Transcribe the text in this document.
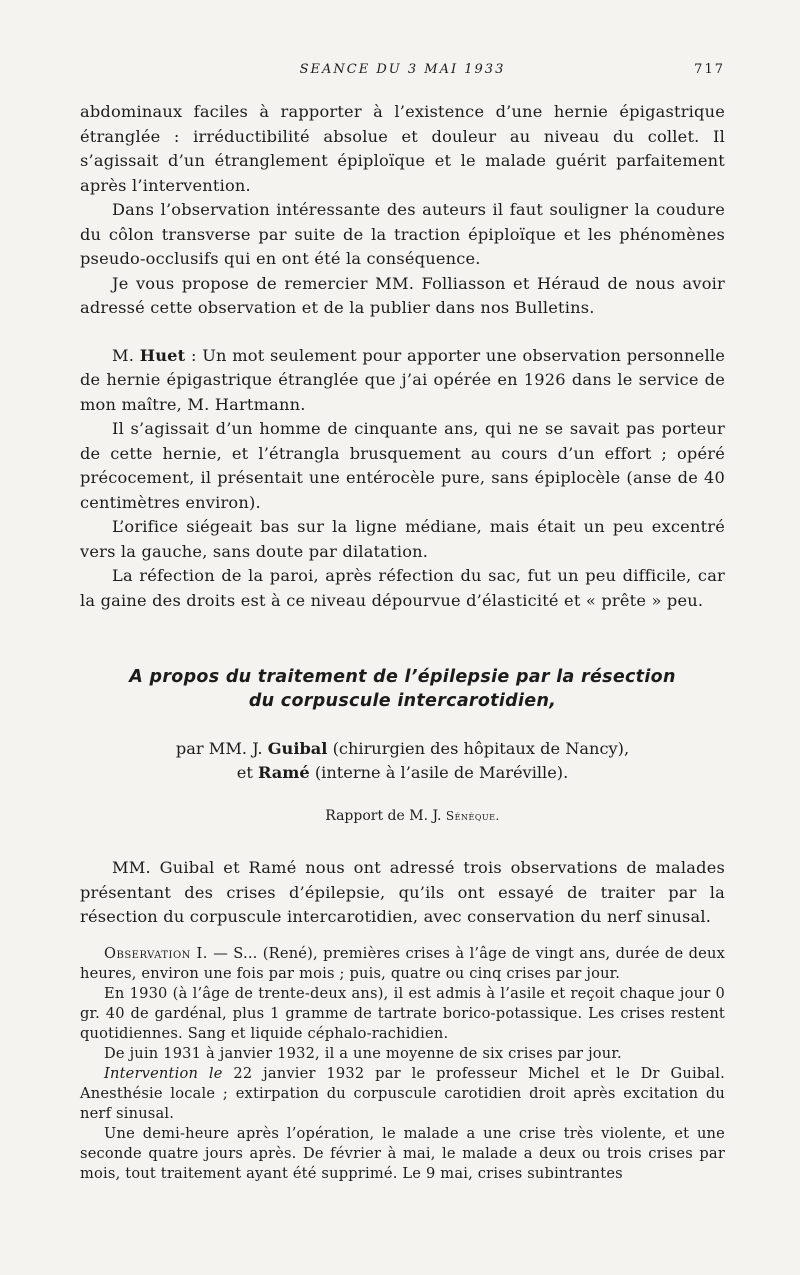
SEANCE DU 3 MAI 1933	717

abdominaux faciles à rapporter à l’existence d’une hernie épigastrique étranglée : irréductibilité absolue et douleur au niveau du collet. Il s’agissait d’un étranglement épiploïque et le malade guérit parfaitement après l’intervention.

Dans l’observation intéressante des auteurs il faut souligner la coudure du côlon transverse par suite de la traction épiploïque et les phénomènes pseudo-occlusifs qui en ont été la conséquence.

Je vous propose de remercier MM. Folliasson et Héraud de nous avoir adressé cette observation et de la publier dans nos Bulletins.

M. Huet : Un mot seulement pour apporter une observation personnelle de hernie épigastrique étranglée que j’ai opérée en 1926 dans le service de mon maître, M. Hartmann.

Il s’agissait d’un homme de cinquante ans, qui ne se savait pas porteur de cette hernie, et l’étrangla brusquement au cours d’un effort ; opéré précocement, il présentait une entérocèle pure, sans épiplocèle (anse de 40 centimètres environ).

L’orifice siégeait bas sur la ligne médiane, mais était un peu excentré vers la gauche, sans doute par dilatation.

La réfection de la paroi, après réfection du sac, fut un peu difficile, car la gaine des droits est à ce niveau dépourvue d’élasticité et « prête » peu.

A propos du traitement de l’épilepsie par la résection
du corpuscule intercarotidien,
par MM. J. Guibal (chirurgien des hôpitaux de Nancy),
et Ramé (interne à l’asile de Maréville).
Rapport de M. J. Sénèque.

MM. Guibal et Ramé nous ont adressé trois observations de malades présentant des crises d’épilepsie, qu’ils ont essayé de traiter par la résection du corpuscule intercarotidien, avec conservation du nerf sinusal.

Observation I. — S... (René), premières crises à l’âge de vingt ans, durée de deux heures, environ une fois par mois ; puis, quatre ou cinq crises par jour.

En 1930 (à l’âge de trente-deux ans), il est admis à l’asile et reçoit chaque jour 0 gr. 40 de gardénal, plus 1 gramme de tartrate borico-potassique. Les crises restent quotidiennes. Sang et liquide céphalo-rachidien.

De juin 1931 à janvier 1932, il a une moyenne de six crises par jour.

Intervention le 22 janvier 1932 par le professeur Michel et le Dr Guibal. Anesthésie locale ; extirpation du corpuscule carotidien droit après excitation du nerf sinusal.

Une demi-heure après l’opération, le malade a une crise très violente, et une seconde quatre jours après. De février à mai, le malade a deux ou trois crises par mois, tout traitement ayant été supprimé. Le 9 mai, crises subintrantes
